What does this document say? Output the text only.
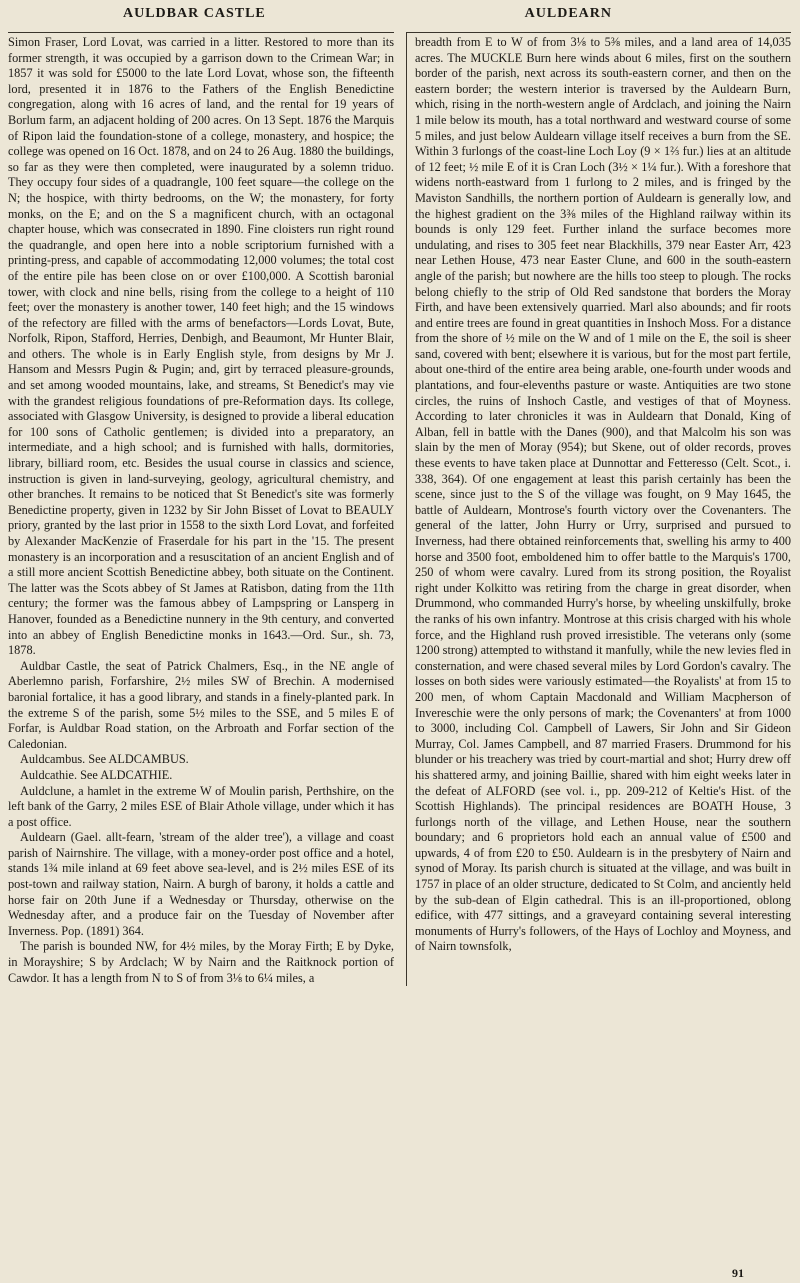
AULDBAR CASTLE	AULDEARN

Simon Fraser, Lord Lovat, was carried in a litter. Restored to more than its former strength, it was occupied by a garrison down to the Crimean War; in 1857 it was sold for £5000 to the late Lord Lovat, whose son, the fifteenth lord, presented it in 1876 to the Fathers of the English Benedictine congregation, along with 16 acres of land, and the rental for 19 years of Borlum farm, an adjacent holding of 200 acres. On 13 Sept. 1876 the Marquis of Ripon laid the foundation-stone of a college, monastery, and hospice; the college was opened on 16 Oct. 1878, and on 24 to 26 Aug. 1880 the buildings, so far as they were then completed, were inaugurated by a solemn triduo. They occupy four sides of a quadrangle, 100 feet square—the college on the N; the hospice, with thirty bedrooms, on the W; the monastery, for forty monks, on the E; and on the S a magnificent church, with an octagonal chapter house, which was consecrated in 1890. Fine cloisters run right round the quadrangle, and open here into a noble scriptorium furnished with a printing-press, and capable of accommodating 12,000 volumes; the total cost of the entire pile has been close on or over £100,000. A Scottish baronial tower, with clock and nine bells, rising from the college to a height of 110 feet; over the monastery is another tower, 140 feet high; and the 15 windows of the refectory are filled with the arms of benefactors—Lords Lovat, Bute, Norfolk, Ripon, Stafford, Herries, Denbigh, and Beaumont, Mr Hunter Blair, and others. The whole is in Early English style, from designs by Mr J. Hansom and Messrs Pugin & Pugin; and, girt by terraced pleasure-grounds, and set among wooded mountains, lake, and streams, St Benedict's may vie with the grandest religious foundations of pre-Reformation days. Its college, associated with Glasgow University, is designed to provide a liberal education for 100 sons of Catholic gentlemen; is divided into a preparatory, an intermediate, and a high school; and is furnished with halls, dormitories, library, billiard room, etc. Besides the usual course in classics and science, instruction is given in land-surveying, geology, agricultural chemistry, and other branches. It remains to be noticed that St Benedict's site was formerly Benedictine property, given in 1232 by Sir John Bisset of Lovat to BEAULY priory, granted by the last prior in 1558 to the sixth Lord Lovat, and forfeited by Alexander MacKenzie of Fraserdale for his part in the '15. The present monastery is an incorporation and a resuscitation of an ancient English and of a still more ancient Scottish Benedictine abbey, both situate on the Continent. The latter was the Scots abbey of St James at Ratisbon, dating from the 11th century; the former was the famous abbey of Lampspring or Lansperg in Hanover, founded as a Benedictine nunnery in the 9th century, and converted into an abbey of English Benedictine monks in 1643.—Ord. Sur., sh. 73, 1878.

Auldbar Castle, the seat of Patrick Chalmers, Esq., in the NE angle of Aberlemno parish, Forfarshire, 2½ miles SW of Brechin. A modernised baronial fortalice, it has a good library, and stands in a finely-planted park. In the extreme S of the parish, some 5½ miles to the SSE, and 5 miles E of Forfar, is Auldbar Road station, on the Arbroath and Forfar section of the Caledonian.

Auldcambus. See ALDCAMBUS.

Auldcathie. See ALDCATHIE.

Auldclune, a hamlet in the extreme W of Moulin parish, Perthshire, on the left bank of the Garry, 2 miles ESE of Blair Athole village, under which it has a post office.

Auldearn (Gael. allt-fearn, 'stream of the alder tree'), a village and coast parish of Nairnshire. The village, with a money-order post office and a hotel, stands 1¾ mile inland at 69 feet above sea-level, and is 2½ miles ESE of its post-town and railway station, Nairn. A burgh of barony, it holds a cattle and horse fair on 20th June if a Wednesday or Thursday, otherwise on the Wednesday after, and a produce fair on the Tuesday of November after Inverness. Pop. (1891) 364.

The parish is bounded NW, for 4½ miles, by the Moray Firth; E by Dyke, in Morayshire; S by Ardclach; W by Nairn and the Raitknock portion of Cawdor. It has a length from N to S of from 3⅛ to 6¼ miles, a

breadth from E to W of from 3⅛ to 5⅜ miles, and a land area of 14,035 acres. The MUCKLE Burn here winds about 6 miles, first on the southern border of the parish, next across its south-eastern corner, and then on the eastern border; the western interior is traversed by the Auldearn Burn, which, rising in the north-western angle of Ardclach, and joining the Nairn 1 mile below its mouth, has a total northward and westward course of some 5 miles, and just below Auldearn village itself receives a burn from the SE. Within 3 furlongs of the coast-line Loch Loy (9 × 1⅔ fur.) lies at an altitude of 12 feet; ½ mile E of it is Cran Loch (3½ × 1¼ fur.). With a foreshore that widens north-eastward from 1 furlong to 2 miles, and is fringed by the Maviston Sandhills, the northern portion of Auldearn is generally low, and the highest gradient on the 3⅜ miles of the Highland railway within its bounds is only 129 feet. Further inland the surface becomes more undulating, and rises to 305 feet near Blackhills, 379 near Easter Arr, 423 near Lethen House, 473 near Easter Clune, and 600 in the south-eastern angle of the parish; but nowhere are the hills too steep to plough. The rocks belong chiefly to the strip of Old Red sandstone that borders the Moray Firth, and have been extensively quarried. Marl also abounds; and fir roots and entire trees are found in great quantities in Inshoch Moss. For a distance from the shore of ½ mile on the W and of 1 mile on the E, the soil is sheer sand, covered with bent; elsewhere it is various, but for the most part fertile, about one-third of the entire area being arable, one-fourth under woods and plantations, and four-elevenths pasture or waste. Antiquities are two stone circles, the ruins of Inshoch Castle, and vestiges of that of Moyness. According to later chronicles it was in Auldearn that Donald, King of Alban, fell in battle with the Danes (900), and that Malcolm his son was slain by the men of Moray (954); but Skene, out of older records, proves these events to have taken place at Dunnottar and Fetteresso (Celt. Scot., i. 338, 364). Of one engagement at least this parish certainly has been the scene, since just to the S of the village was fought, on 9 May 1645, the battle of Auldearn, Montrose's fourth victory over the Covenanters. The general of the latter, John Hurry or Urry, surprised and pursued to Inverness, had there obtained reinforcements that, swelling his army to 400 horse and 3500 foot, emboldened him to offer battle to the Marquis's 1700, 250 of whom were cavalry. Lured from its strong position, the Royalist right under Kolkitto was retiring from the charge in great disorder, when Drummond, who commanded Hurry's horse, by wheeling unskilfully, broke the ranks of his own infantry. Montrose at this crisis charged with his whole force, and the Highland rush proved irresistible. The veterans only (some 1200 strong) attempted to withstand it manfully, while the new levies fled in consternation, and were chased several miles by Lord Gordon's cavalry. The losses on both sides were variously estimated—the Royalists' at from 15 to 200 men, of whom Captain Macdonald and William Macpherson of Invereschie were the only persons of mark; the Covenanters' at from 1000 to 3000, including Col. Campbell of Lawers, Sir John and Sir Gideon Murray, Col. James Campbell, and 87 married Frasers. Drummond for his blunder or his treachery was tried by court-martial and shot; Hurry drew off his shattered army, and joining Baillie, shared with him eight weeks later in the defeat of ALFORD (see vol. i., pp. 209-212 of Keltie's Hist. of the Scottish Highlands). The principal residences are BOATH House, 3 furlongs north of the village, and Lethen House, near the southern boundary; and 6 proprietors hold each an annual value of £500 and upwards, 4 of from £20 to £50. Auldearn is in the presbytery of Nairn and synod of Moray. Its parish church is situated at the village, and was built in 1757 in place of an older structure, dedicated to St Colm, and anciently held by the sub-dean of Elgin cathedral. This is an ill-proportioned, oblong edifice, with 477 sittings, and a graveyard containing several interesting monuments of Hurry's followers, of the Hays of Lochloy and Moyness, and of Nairn townsfolk,

91
